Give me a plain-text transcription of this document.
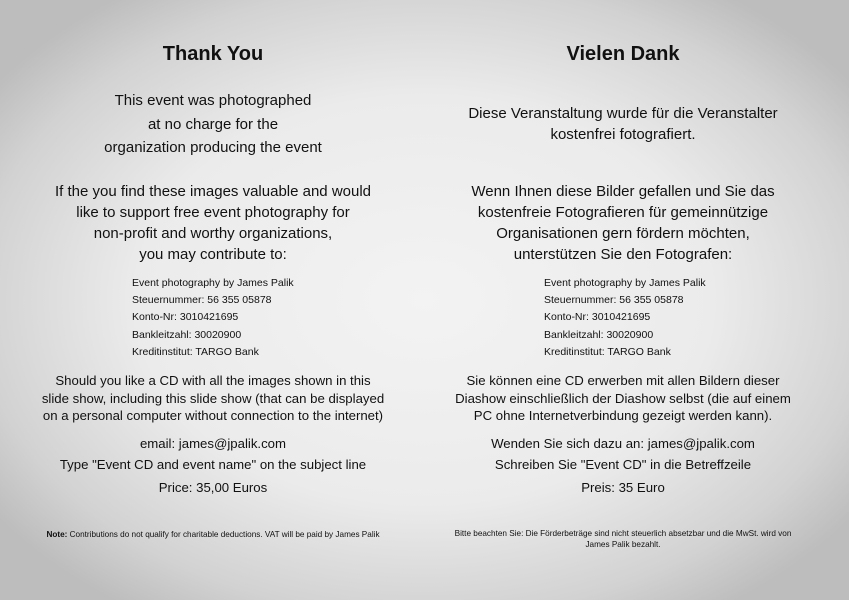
Thank You
This event was photographed
at no charge for the
organization producing the event
If the you find these images valuable and would
like to support free event photography for
non-profit and worthy organizations,
you may contribute to:
Event photography by James Palik
Steuernummer: 56 355 05878
Konto-Nr: 3010421695
Bankleitzahl: 30020900
Kreditinstitut: TARGO Bank
Should you like a CD with all the images shown in this
slide show, including this slide show (that can be displayed
on a personal computer without connection to the internet)
email: james@jpalik.com
Type "Event CD and event name" on the subject line
Price: 35,00 Euros
Note: Contributions do not qualify for charitable deductions. VAT will be paid by James Palik
Vielen Dank
Diese Veranstaltung wurde für die Veranstalter
kostenfrei fotografiert.
Wenn Ihnen diese Bilder gefallen und Sie das
kostenfreie Fotografieren für gemeinnützige
Organisationen gern fördern möchten,
unterstützen Sie den Fotografen:
Event photography by James Palik
Steuernummer: 56 355 05878
Konto-Nr: 3010421695
Bankleitzahl: 30020900
Kreditinstitut: TARGO Bank
Sie können eine CD erwerben mit allen Bildern dieser
Diashow einschließlich der Diashow selbst (die auf einem
PC ohne Internetverbindung gezeigt werden kann).
Wenden Sie sich dazu an: james@jpalik.com
Schreiben Sie "Event CD" in die Betreffzeile
Preis: 35 Euro
Bitte beachten Sie: Die Förderbeträge sind nicht steuerlich absetzbar und die MwSt. wird von
James Palik bezahlt.
